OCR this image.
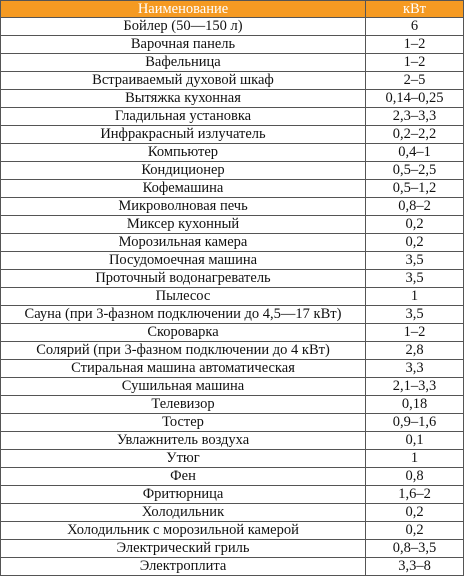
Наименование	кВт
Бойлер (50—150 л)	6
Варочная панель	1–2
Вафельница	1–2
Встраиваемый духовой шкаф	2–5
Вытяжка кухонная	0,14–0,25
Гладильная установка	2,3–3,3
Инфракрасный излучатель	0,2–2,2
Компьютер	0,4–1
Кондиционер	0,5–2,5
Кофемашина	0,5–1,2
Микроволновая печь	0,8–2
Миксер кухонный	0,2
Морозильная камера	0,2
Посудомоечная машина	3,5
Проточный водонагреватель	3,5
Пылесос	1
Сауна (при 3-фазном подключении до 4,5—17 кВт)	3,5
Скороварка	1–2
Солярий (при 3-фазном подключении до 4 кВт)	2,8
Стиральная машина автоматическая	3,3
Сушильная машина	2,1–3,3
Телевизор	0,18
Тостер	0,9–1,6
Увлажнитель воздуха	0,1
Утюг	1
Фен	0,8
Фритюрница	1,6–2
Холодильник	0,2
Холодильник с морозильной камерой	0,2
Электрический гриль	0,8–3,5
Электроплита	3,3–8
